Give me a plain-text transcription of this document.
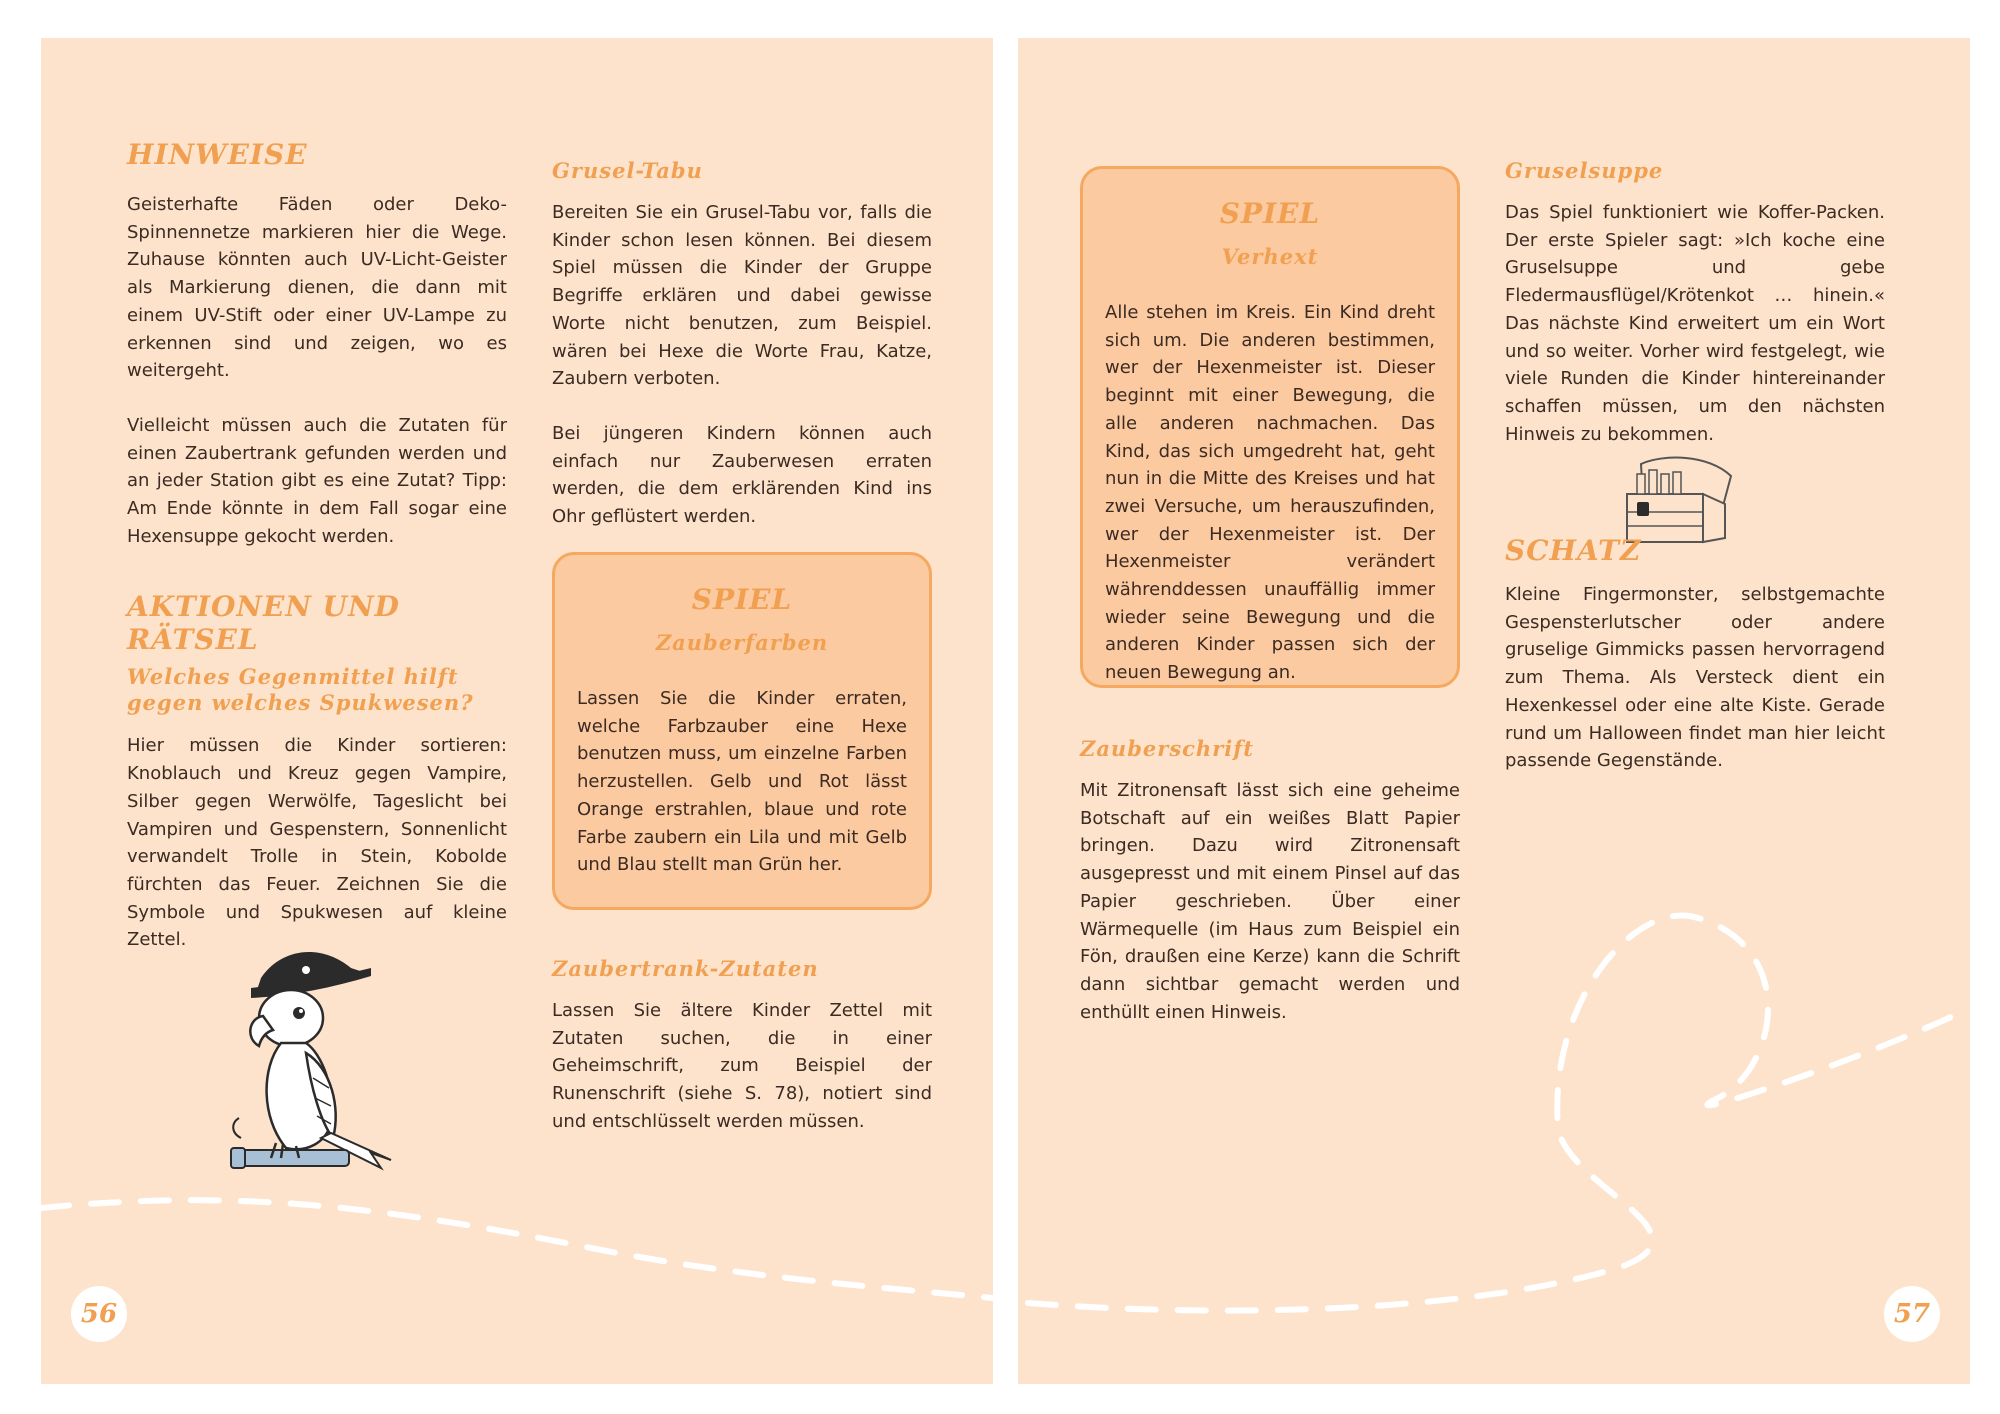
HINWEISE

Geisterhafte Fäden oder Deko-Spinnennetze markieren hier die Wege. Zuhause könnten auch UV-Licht-Geister als Markierung dienen, die dann mit einem UV-Stift oder einer UV-Lampe zu erkennen sind und zeigen, wo es weitergeht.

Vielleicht müssen auch die Zutaten für einen Zaubertrank gefunden werden und an jeder Station gibt es eine Zutat? Tipp: Am Ende könnte in dem Fall sogar eine Hexensuppe gekocht werden.

AKTIONEN UND RÄTSEL
Welches Gegenmittel hilft gegen welches Spukwesen?

Hier müssen die Kinder sortieren: Knoblauch und Kreuz gegen Vampire, Silber gegen Werwölfe, Tageslicht bei Vampiren und Gespenstern, Sonnenlicht verwandelt Trolle in Stein, Kobolde fürchten das Feuer. Zeichnen Sie die Symbole und Spukwesen auf kleine Zettel.

Grusel-Tabu

Bereiten Sie ein Grusel-Tabu vor, falls die Kinder schon lesen können. Bei diesem Spiel müssen die Kinder der Gruppe Begriffe erklären und dabei gewisse Worte nicht benutzen, zum Beispiel. wären bei Hexe die Worte Frau, Katze, Zaubern verboten.

Bei jüngeren Kindern können auch einfach nur Zauberwesen erraten werden, die dem erklärenden Kind ins Ohr geflüstert werden.

SPIEL
Zauberfarben

Lassen Sie die Kinder erraten, welche Farbzauber eine Hexe benutzen muss, um einzelne Farben herzustellen. Gelb und Rot lässt Orange erstrahlen, blaue und rote Farbe zaubern ein Lila und mit Gelb und Blau stellt man Grün her.

Zaubertrank-Zutaten

Lassen Sie ältere Kinder Zettel mit Zutaten suchen, die in einer Geheimschrift, zum Beispiel der Runenschrift (siehe S. 78), notiert sind und entschlüsselt werden müssen.

56
SPIEL
Verhext

Alle stehen im Kreis. Ein Kind dreht sich um. Die anderen bestimmen, wer der Hexenmeister ist. Dieser beginnt mit einer Bewegung, die alle anderen nachmachen. Das Kind, das sich umgedreht hat, geht nun in die Mitte des Kreises und hat zwei Versuche, um herauszufinden, wer der Hexenmeister ist. Der Hexenmeister verändert währenddessen unauffällig immer wieder seine Bewegung und die anderen Kinder passen sich der neuen Bewegung an.

Zauberschrift

Mit Zitronensaft lässt sich eine geheime Botschaft auf ein weißes Blatt Papier bringen. Dazu wird Zitronensaft ausgepresst und mit einem Pinsel auf das Papier geschrieben. Über einer Wärmequelle (im Haus zum Beispiel ein Fön, draußen eine Kerze) kann die Schrift dann sichtbar gemacht werden und enthüllt einen Hinweis.

Gruselsuppe

Das Spiel funktioniert wie Koffer-Packen. Der erste Spieler sagt: »Ich koche eine Gruselsuppe und gebe Fledermausflügel/Krötenkot … hinein.« Das nächste Kind erweitert um ein Wort und so weiter. Vorher wird festgelegt, wie viele Runden die Kinder hintereinander schaffen müssen, um den nächsten Hinweis zu bekommen.

SCHATZ

Kleine Fingermonster, selbstgemachte Gespensterlutscher oder andere gruselige Gimmicks passen hervorragend zum Thema. Als Versteck dient ein Hexenkessel oder eine alte Kiste. Gerade rund um Halloween findet man hier leicht passende Gegenstände.

57
